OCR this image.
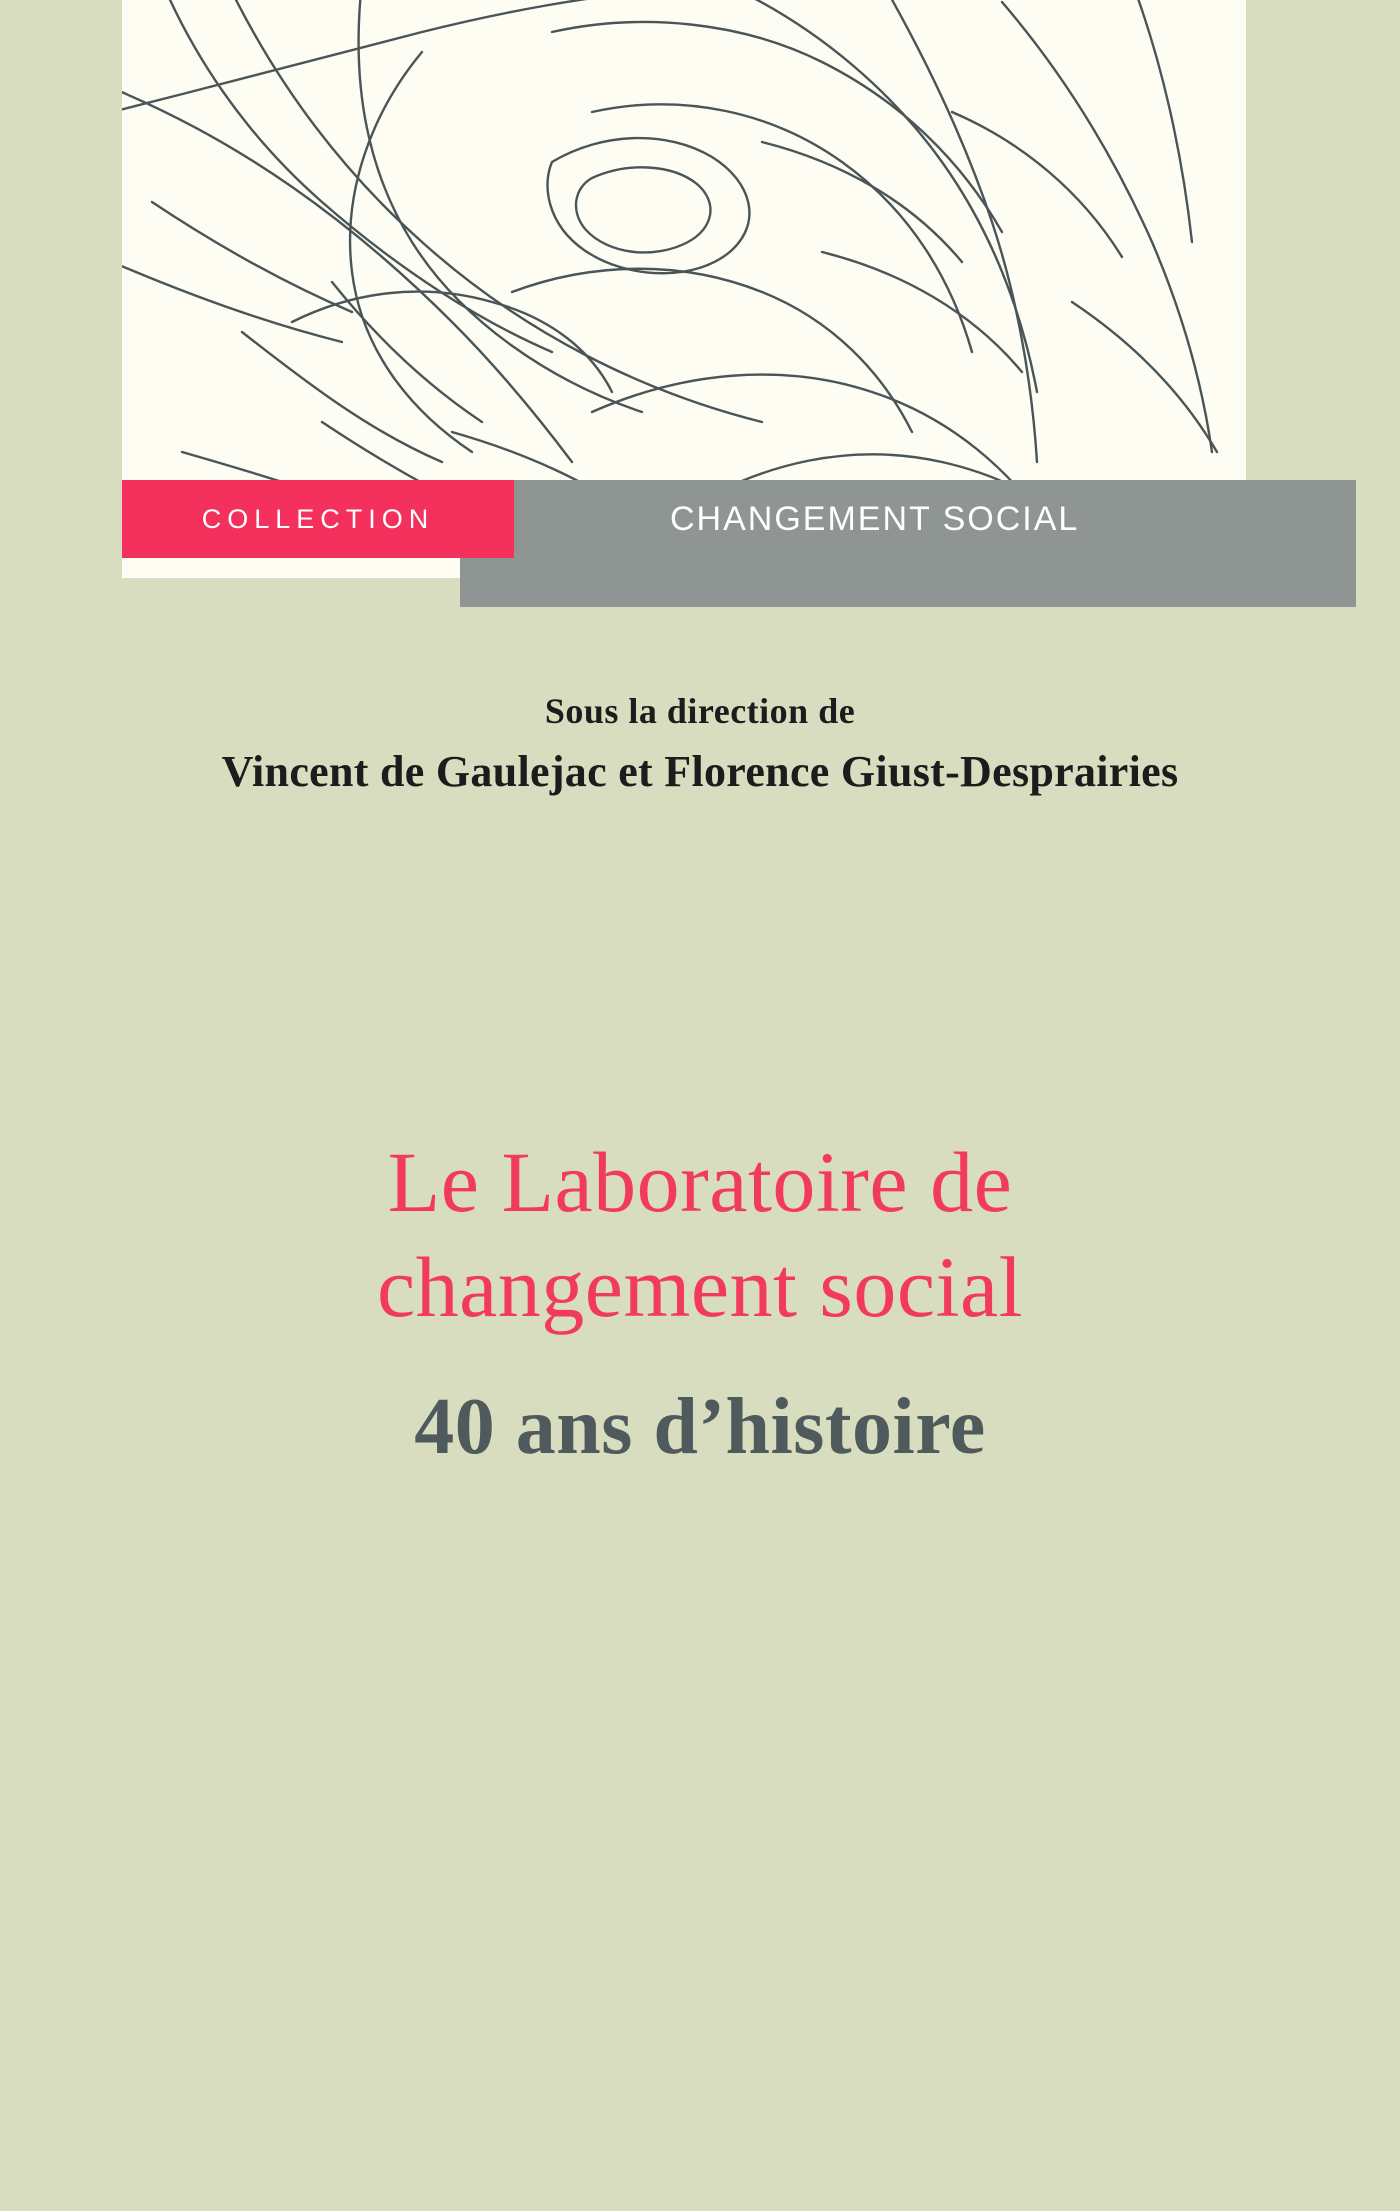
COLLECTION	CHANGEMENT SOCIAL
Sous la direction de
Vincent de Gaulejac et Florence Giust-Desprairies
Le Laboratoire de
changement social
40 ans d’histoire
